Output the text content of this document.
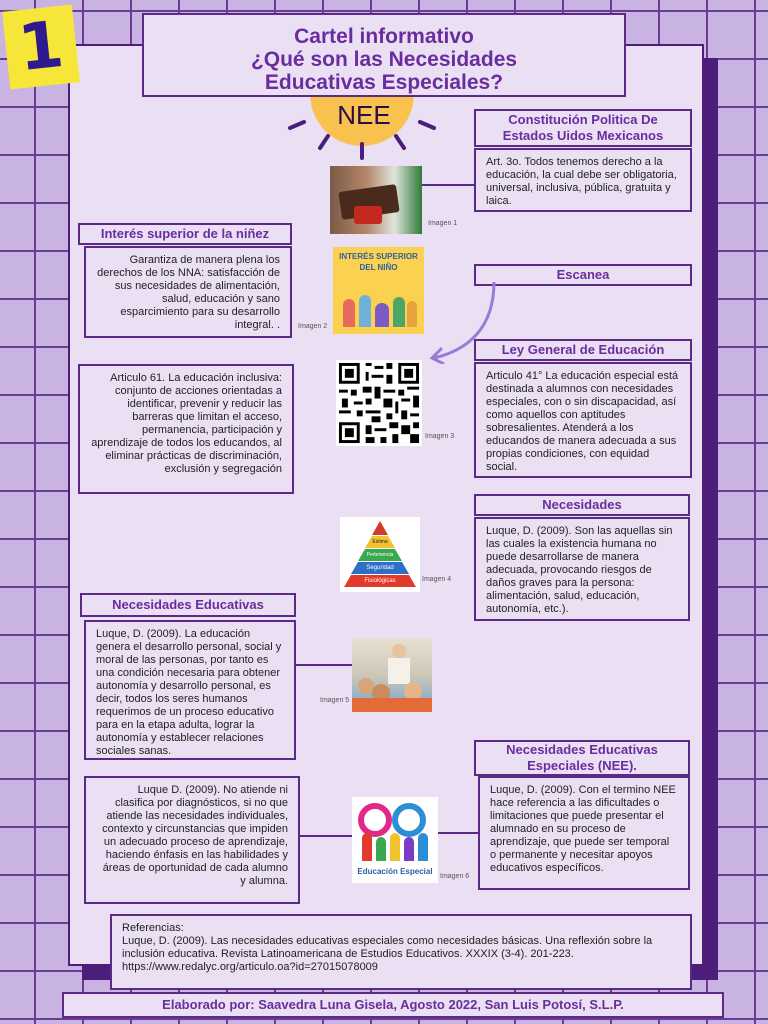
1
NEE
Cartel informativo
¿Qué son las Necesidades
Educativas Especiales?
Constitución Politica De
Estados Uidos Mexicanos
Art. 3o. Todos tenemos derecho a la educación, la cual debe ser obligatoria, universal, inclusiva, pública, gratuita y laica.
Imagen 1
Interés superior de la niñez
Garantiza de manera plena los derechos de los NNA: satisfacción de sus necesidades de alimentación, salud, educación y sano esparcimiento para su desarrollo integral. .
INTERÉS SUPERIOR
DEL NIÑO
Imagen 2
Escanea
Ley General de Educación
Articulo 41° La educación especial está destinada a alumnos con necesidades especiales, con o sin discapacidad, así como aquellos con aptitudes sobresalientes. Atenderá a los educandos de manera adecuada a sus propias condiciones, con equidad social.
Articulo 61. La educación inclusiva: conjunto de acciones orientadas a identificar, prevenir y reducir las barreras que limitan el acceso, permanencia, participación y aprendizaje de todos los educandos, al eliminar prácticas de discriminación, exclusión y segregación
Imagen 3
Necesidades
Luque, D. (2009). Son las aquellas sin las cuales la existencia humana no puede desarrollarse de manera adecuada, provocando riesgos de daños graves para la persona: alimentación, salud, educación, autonomía, etc.).
Estima
Pertenencia
Seguridad
Fisiológicas	Imagen 4
Necesidades Educativas
Luque, D. (2009). La educación genera el desarrollo personal, social y moral de las personas, por tanto es una condición necesaria para obtener autonomía y desarrollo personal, es decir, todos los seres humanos requerimos de un proceso educativo para en la etapa adulta, lograr la autonomía y establecer relaciones sociales sanas.
Imagen 5
Necesidades Educativas
Especiales (NEE).
Luque, D. (2009). Con el termino NEE hace referencia a las dificultades o limitaciones que puede presentar el alumnado en su proceso de aprendizaje, que puede ser temporal o permanente y necesitar apoyos educativos específicos.
Luque D. (2009). No atiende ni clasifica por diagnósticos, si no que atiende las necesidades individuales, contexto y circunstancias que impiden un adecuado proceso de aprendizaje, haciendo énfasis en las habilidades y áreas de oportunidad de cada alumno y alumna.
Educación Especial
Imagen 6
Referencias:
Luque, D. (2009). Las necesidades educativas especiales como necesidades básicas. Una reflexión sobre la inclusión educativa. Revista Latinoamericana de Estudios Educativos. XXXIX (3-4). 201-223. https://www.redalyc.org/articulo.oa?id=27015078009
Elaborado por: Saavedra Luna Gisela, Agosto 2022, San Luis Potosí, S.L.P.
